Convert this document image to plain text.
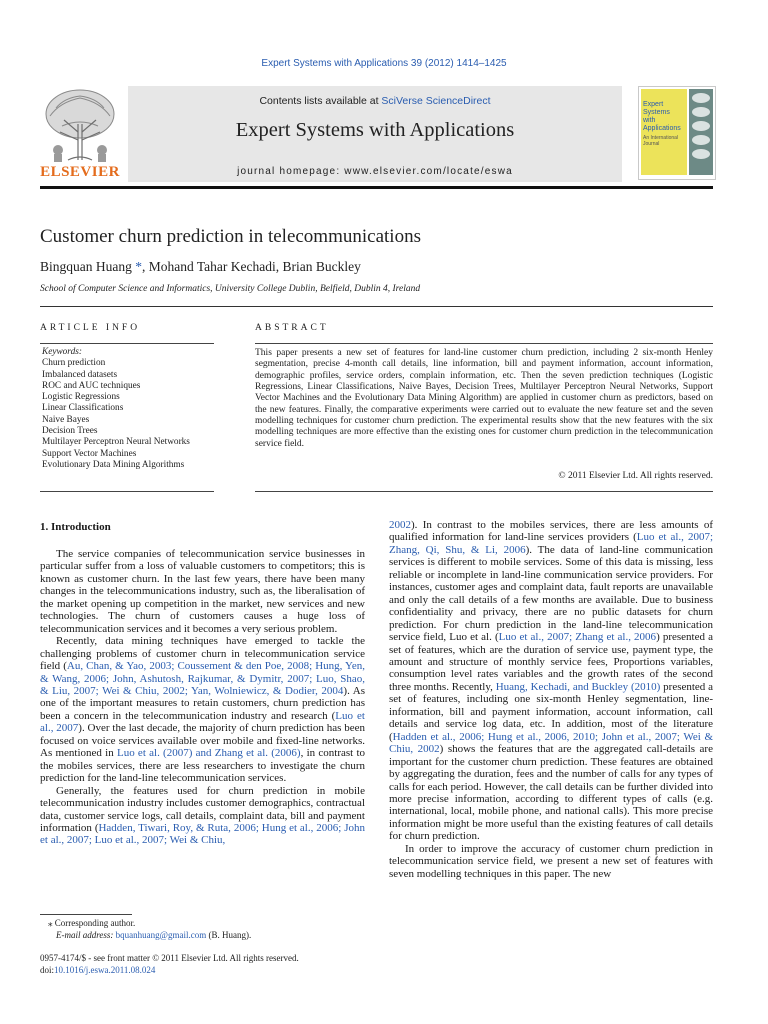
Expert Systems with Applications 39 (2012) 1414–1425
Contents lists available at SciVerse ScienceDirect
Expert Systems with Applications
journal homepage: www.elsevier.com/locate/eswa
ELSEVIER
Expert
Systems
with
Applications
An International Journal
Customer churn prediction in telecommunications
Bingquan Huang *, Mohand Tahar Kechadi, Brian Buckley
School of Computer Science and Informatics, University College Dublin, Belfield, Dublin 4, Ireland
ARTICLE INFO	ABSTRACT
Keywords:
Churn prediction
Imbalanced datasets
ROC and AUC techniques
Logistic Regressions
Linear Classifications
Naive Bayes
Decision Trees
Multilayer Perceptron Neural Networks
Support Vector Machines
Evolutionary Data Mining Algorithms
This paper presents a new set of features for land-line customer churn prediction, including 2 six-month Henley segmentation, precise 4-month call details, line information, bill and payment information, account information, demographic profiles, service orders, complain information, etc. Then the seven prediction techniques (Logistic Regressions, Linear Classifications, Naive Bayes, Decision Trees, Multilayer Perceptron Neural Networks, Support Vector Machines and the Evolutionary Data Mining Algorithm) are applied in customer churn as predictors, based on the new features. Finally, the comparative experiments were carried out to evaluate the new feature set and the seven modelling techniques for customer churn prediction. The experimental results show that the new features with the six modelling techniques are more effective than the existing ones for customer churn prediction in the telecommunication service field.
© 2011 Elsevier Ltd. All rights reserved.
1. Introduction

The service companies of telecommunication service businesses in particular suffer from a loss of valuable customers to competitors; this is known as customer churn. In the last few years, there have been many changes in the telecommunications industry, such as, the liberalisation of the market opening up competition in the market, new services and new technologies. The churn of customers causes a huge loss of telecommunication services and it becomes a very serious problem.

Recently, data mining techniques have emerged to tackle the challenging problems of customer churn in telecommunication service field (Au, Chan, & Yao, 2003; Coussement & den Poe, 2008; Hung, Yen, & Wang, 2006; John, Ashutosh, Rajkumar, & Dymitr, 2007; Luo, Shao, & Liu, 2007; Wei & Chiu, 2002; Yan, Wolniewicz, & Dodier, 2004). As one of the important measures to retain customers, churn prediction has been a concern in the telecommunication industry and research (Luo et al., 2007). Over the last decade, the majority of churn prediction has been focused on voice services available over mobile and fixed-line networks. As mentioned in Luo et al. (2007) and Zhang et al. (2006), in contrast to the mobiles services, there are less researchers to investigate the churn prediction for the land-line telecommunication services.

Generally, the features used for churn prediction in mobile telecommunication industry includes customer demographics, contractual data, customer service logs, call details, complaint data, bill and payment information (Hadden, Tiwari, Roy, & Ruta, 2006; Hung et al., 2006; John et al., 2007; Luo et al., 2007; Wei & Chiu,

2002). In contrast to the mobiles services, there are less amounts of qualified information for land-line services providers (Luo et al., 2007; Zhang, Qi, Shu, & Li, 2006). The data of land-line communication services is different to mobile services. Some of this data is missing, less reliable or incomplete in land-line communication service providers. For instances, customer ages and complaint data, fault reports are unavailable and only the call details of a few months are available. Due to business confidentiality and privacy, there are no public datasets for churn prediction. For churn prediction in the land-line telecommunication service field, Luo et al. (Luo et al., 2007; Zhang et al., 2006) presented a set of features, which are the duration of service use, payment type, the amount and structure of monthly service fees, Proportions variables, consumption level rates variables and the growth rates of the second three months. Recently, Huang, Kechadi, and Buckley (2010) presented a set of features, including one six-month Henley segmentation, line-information, bill and payment information, account information, call details and service log data, etc. In addition, most of the literature (Hadden et al., 2006; Hung et al., 2006, 2010; John et al., 2007; Wei & Chiu, 2002) shows the features that are the aggregated call-details are important for the customer churn prediction. These features are obtained by aggregating the duration, fees and the number of calls for any types of calls for each period. However, the call details can be further divided into more precise information, according to different types of calls (e.g. international, local, mobile phone, and national calls). This more precise information might be more useful than the existing features of call details for churn prediction.

In order to improve the accuracy of customer churn prediction in telecommunication service field, we present a new set of features with seven modelling techniques in this paper. The new

⁎ Corresponding author.
E-mail address: bquanhuang@gmail.com (B. Huang).
0957-4174/$ - see front matter © 2011 Elsevier Ltd. All rights reserved.
doi:10.1016/j.eswa.2011.08.024
